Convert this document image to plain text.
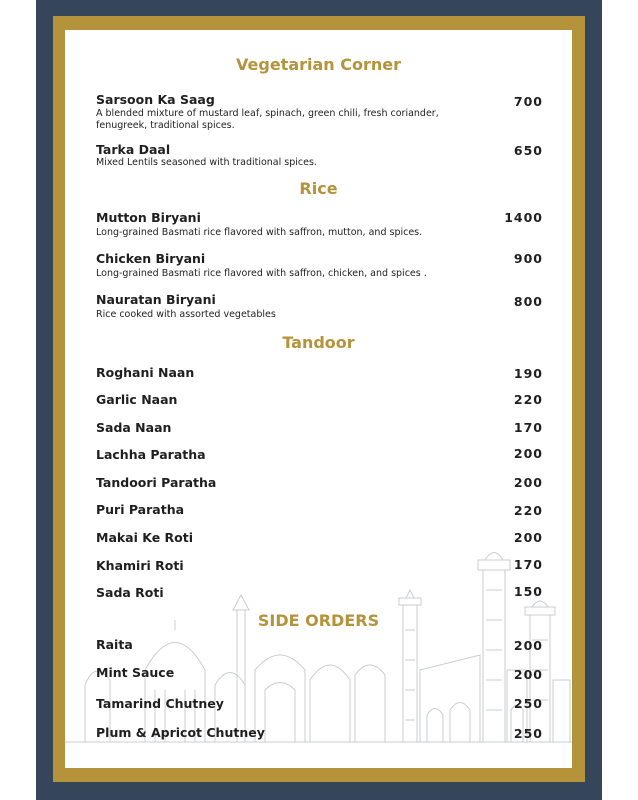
Vegetarian Corner
Sarsoon Ka Saag
A blended mixture of mustard leaf, spinach, green chili, fresh coriander, fenugreek, traditional spices.
700
Tarka Daal
Mixed Lentils seasoned with traditional spices.
650
Rice
Mutton Biryani
Long-grained Basmati rice flavored with saffron, mutton, and spices.
1400
Chicken Biryani
Long-grained Basmati rice flavored with saffron, chicken, and spices .
900
Nauratan Biryani
Rice cooked with assorted vegetables
800
Tandoor
Roghani Naan	190
Garlic Naan	220
Sada Naan	170
Lachha Paratha	200
Tandoori Paratha	200
Puri Paratha	220
Makai Ke Roti	200
Khamiri Roti	170
Sada Roti	150
SIDE ORDERS
Raita	200
Mint Sauce	200
Tamarind Chutney	250
Plum & Apricot Chutney	250
